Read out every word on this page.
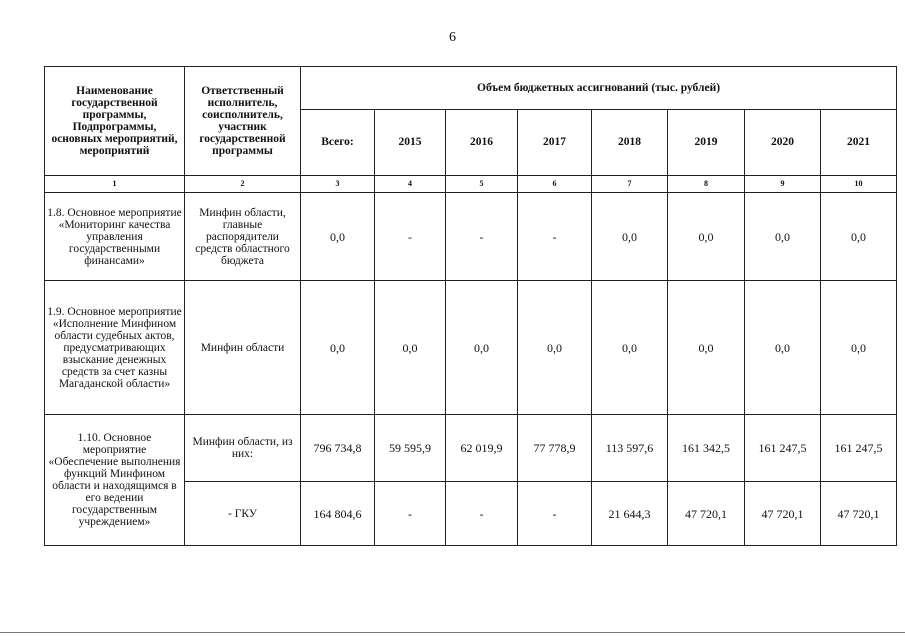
6
Наименование государственной программы, Подпрограммы, основных мероприятий, мероприятий	Ответственный исполнитель, соисполнитель, участник государственной программы	Объем бюджетных ассигнований (тыс. рублей)							
		Всего:	2015	2016	2017	2018	2019	2020	2021
1	2	3	4	5	6	7	8	9	10
1.8. Основное мероприятие «Мониторинг качества управления государственными финансами»	Минфин области, главные распорядители средств областного бюджета	0,0	-	-	-	0,0	0,0	0,0	0,0
1.9. Основное мероприятие «Исполнение Минфином области судебных актов, предусматривающих взыскание денежных средств за счет казны Магаданской области»	Минфин области	0,0	0,0	0,0	0,0	0,0	0,0	0,0	0,0
1.10. Основное мероприятие «Обеспечение выполнения функций Минфином области и находящимся в его ведении государственным учреждением»	Минфин области, из них:	796 734,8	59 595,9	62 019,9	77 778,9	113 597,6	161 342,5	161 247,5	161 247,5
	- ГКУ	164 804,6	-	-	-	21 644,3	47 720,1	47 720,1	47 720,1
